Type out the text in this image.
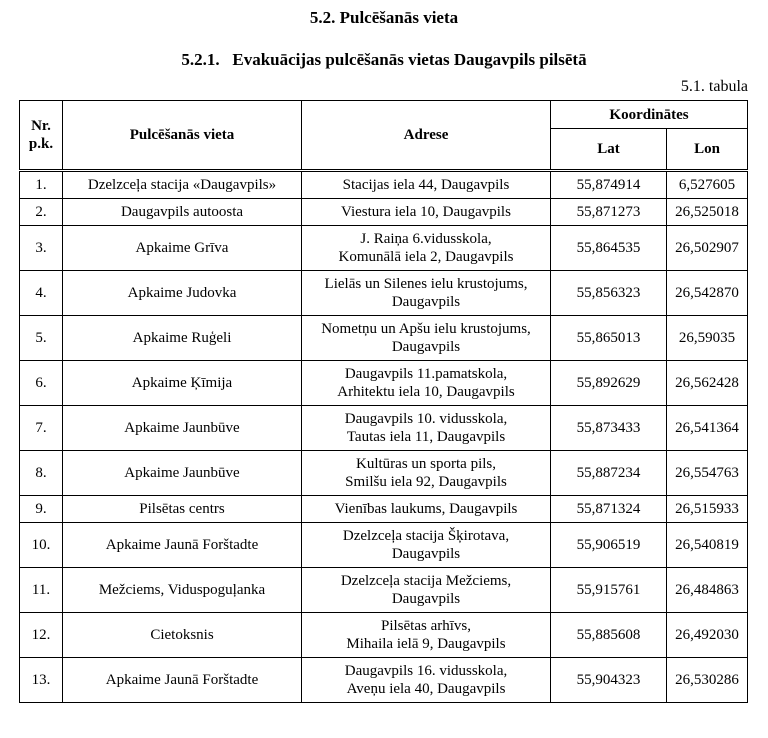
5.2. Pulcēšanās vieta
5.2.1.   Evakuācijas pulcēšanās vietas Daugavpils pilsētā
5.1. tabula
Nr.
p.k.	Pulcēšanās vieta	Adrese	Koordinātes	
			Lat	Lon
1.	Dzelzceļa stacija «Daugavpils»	Stacijas iela 44, Daugavpils	55,874914	6,527605
2.	Daugavpils autoosta	Viestura iela 10, Daugavpils	55,871273	26,525018
3.	Apkaime Grīva	J. Raiņa 6.vidusskola,
Komunālā iela 2, Daugavpils	55,864535	26,502907
4.	Apkaime Judovka	Lielās un Silenes ielu krustojums,
Daugavpils	55,856323	26,542870
5.	Apkaime Ruģeli	Nometņu un Apšu ielu krustojums,
Daugavpils	55,865013	26,59035
6.	Apkaime Ķīmija	Daugavpils 11.pamatskola,
Arhitektu iela 10, Daugavpils	55,892629	26,562428
7.	Apkaime Jaunbūve	Daugavpils 10. vidusskola,
Tautas iela 11, Daugavpils	55,873433	26,541364
8.	Apkaime Jaunbūve	Kultūras un sporta pils,
Smilšu iela 92, Daugavpils	55,887234	26,554763
9.	Pilsētas centrs	Vienības laukums, Daugavpils	55,871324	26,515933
10.	Apkaime Jaunā Forštadte	Dzelzceļa stacija Šķirotava,
Daugavpils	55,906519	26,540819
11.	Mežciems, Viduspoguļanka	Dzelzceļa stacija Mežciems,
Daugavpils	55,915761	26,484863
12.	Cietoksnis	Pilsētas arhīvs,
Mihaila ielā 9, Daugavpils	55,885608	26,492030
13.	Apkaime Jaunā Forštadte	Daugavpils 16. vidusskola,
Aveņu iela 40, Daugavpils	55,904323	26,530286
